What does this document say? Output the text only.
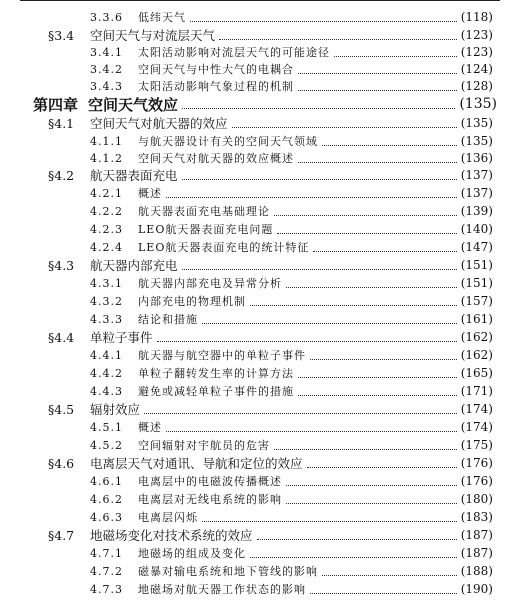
3.3.6	低纬天气	(118)
§3.4	空间天气与对流层天气	(123)
3.4.1	太阳活动影响对流层天气的可能途径	(123)
3.4.2	空间天气与中性大气的电耦合	(124)
3.4.3	太阳活动影响气象过程的机制	(128)
第四章 空间天气效应	(135)
§4.1	空间天气对航天器的效应	(135)
4.1.1	与航天器设计有关的空间天气领域	(135)
4.1.2	空间天气对航天器的效应概述	(136)
§4.2	航天器表面充电	(137)
4.2.1	概述	(137)
4.2.2	航天器表面充电基础理论	(139)
4.2.3	LEO航天器表面充电问题	(140)
4.2.4	LEO航天器表面充电的统计特征	(147)
§4.3	航天器内部充电	(151)
4.3.1	航天器内部充电及异常分析	(151)
4.3.2	内部充电的物理机制	(157)
4.3.3	结论和措施	(161)
§4.4	单粒子事件	(162)
4.4.1	航天器与航空器中的单粒子事件	(162)
4.4.2	单粒子翻转发生率的计算方法	(165)
4.4.3	避免或减轻单粒子事件的措施	(171)
§4.5	辐射效应	(174)
4.5.1	概述	(174)
4.5.2	空间辐射对宇航员的危害	(175)
§4.6	电离层天气对通讯、导航和定位的效应	(176)
4.6.1	电离层中的电磁波传播概述	(176)
4.6.2	电离层对无线电系统的影响	(180)
4.6.3	电离层闪烁	(183)
§4.7	地磁场变化对技术系统的效应	(187)
4.7.1	地磁场的组成及变化	(187)
4.7.2	磁暴对输电系统和地下管线的影响	(188)
4.7.3	地磁场对航天器工作状态的影响	(190)
